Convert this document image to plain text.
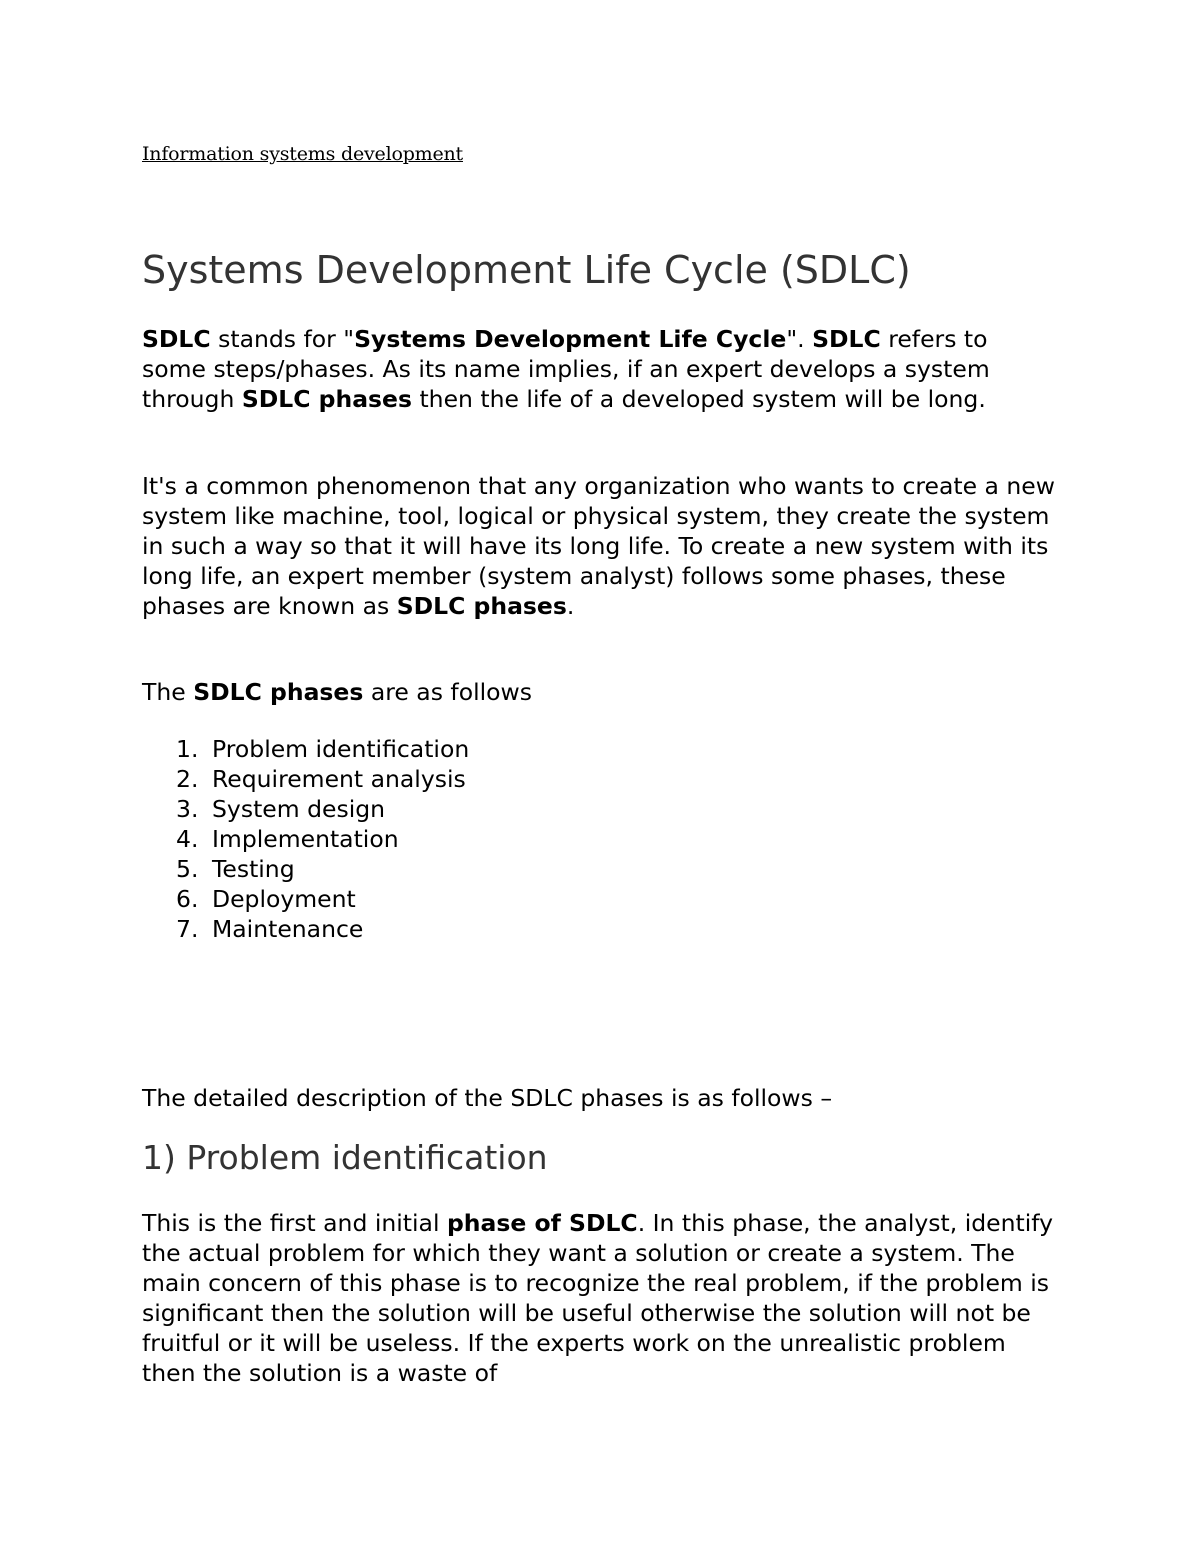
Information systems development

Systems Development Life Cycle (SDLC)

SDLC stands for "Systems Development Life Cycle". SDLC refers to some steps/phases. As its name implies, if an expert develops a system through SDLC phases then the life of a developed system will be long.

It's a common phenomenon that any organization who wants to create a new system like machine, tool, logical or physical system, they create the system in such a way so that it will have its long life. To create a new system with its long life, an expert member (system analyst) follows some phases, these phases are known as SDLC phases.

The SDLC phases are as follows

1. Problem identification
2. Requirement analysis
3. System design
4. Implementation
5. Testing
6. Deployment
7. Maintenance

The detailed description of the SDLC phases is as follows –

1) Problem identification

This is the first and initial phase of SDLC. In this phase, the analyst, identify the actual problem for which they want a solution or create a system. The main concern of this phase is to recognize the real problem, if the problem is significant then the solution will be useful otherwise the solution will not be fruitful or it will be useless. If the experts work on the unrealistic problem then the solution is a waste of
